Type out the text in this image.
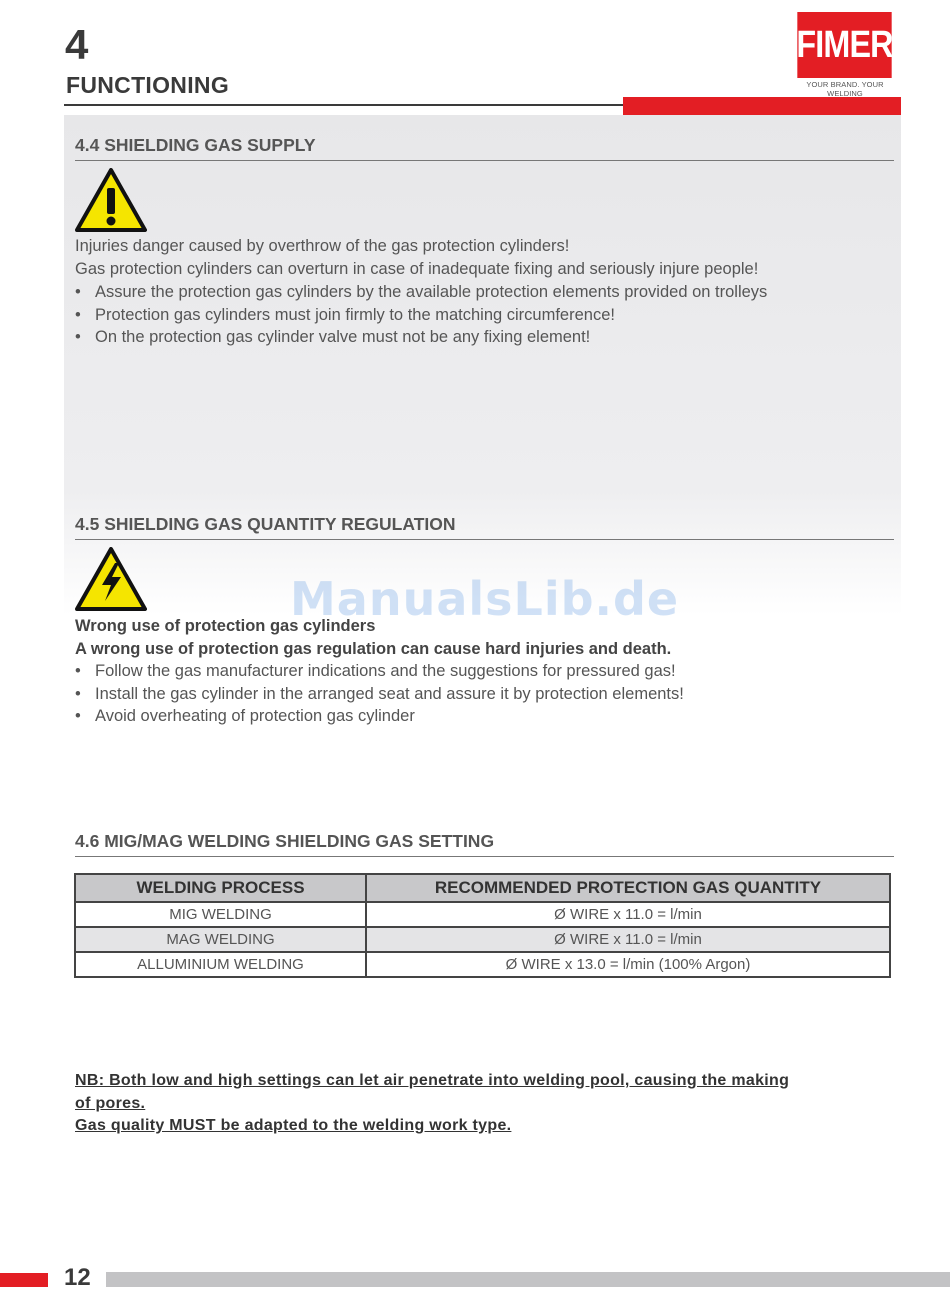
4
FUNCTIONING
FIMER
YOUR BRAND. YOUR WELDING
4.4 SHIELDING GAS SUPPLY
Injuries danger caused by overthrow of the gas protection cylinders!
Gas protection cylinders can overturn in case of inadequate fixing and seriously injure people!
• Assure the protection gas cylinders by the available protection elements provided on trolleys
• Protection gas cylinders must join firmly to the matching circumference!
• On the protection gas cylinder valve must not be any fixing element!
4.5 SHIELDING GAS QUANTITY REGULATION
ManualsLib.de
Wrong use of protection gas cylinders
A wrong use of protection gas regulation can cause hard injuries and death.
• Follow the gas manufacturer indications and the suggestions for pressured gas!
• Install the gas cylinder in the arranged seat and assure it by protection elements!
• Avoid overheating of protection gas cylinder
4.6 MIG/MAG WELDING SHIELDING GAS SETTING
WELDING PROCESS	RECOMMENDED PROTECTION GAS QUANTITY
MIG WELDING	Ø WIRE x 11.0 = l/min
MAG WELDING	Ø WIRE x 11.0 = l/min
ALLUMINIUM WELDING	Ø WIRE x 13.0 = l/min (100% Argon)
NB: Both low and high settings can let air penetrate into welding pool, causing the making
of pores.
Gas quality MUST be adapted to the welding work type.
12
